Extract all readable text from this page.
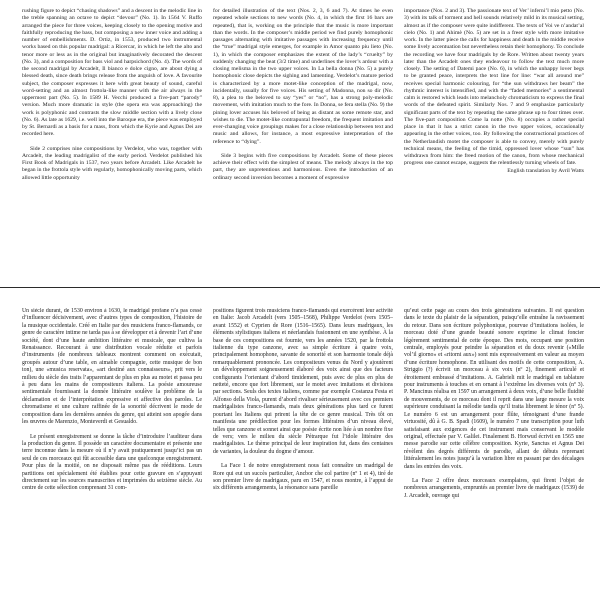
rushing figure to depict “chasing shadows” and a descent in the melodic line in the treble spanning an octave to depict “devour” (No. 1). In 1564 V. Ruffo arranged the piece for three voices, keeping closely to the opening motive and faithfully reproducing the bass, but composing a new inner voice and adding a number of embellishments. D. Ortiz, in 1553, produced two instrumental works based on this popular madrigal: a Ricercar, in which he left the alto and tenor more or less as in the original but imaginatively decorated the descent (No. 3), and a composition for bass viol and harpsichord (No. 4). The words of the second madrigal by Arcadelt, Il bianco e dolce cigno, are about dying a blessed death, since death brings release from the anguish of love. A favourite subject, the composer expresses it here with great beauty of sound, careful word-setting and an almost frottola-like manner with the air always in the uppermost part (No. 5). In 1589 H. Vecchi produced a five-part “parody” version. Much more dramatic in style (the opera era was approaching) the work is polyphonic and contrasts the slow middle section with a lively close (No. 6). As late as 1629, i.e. well into the Baroque era, the piece was employed by St. Bernardi as a basis for a mass, from which the Kyrie and Agnus Dei are recorded here.

Side 2 comprises nine compositions by Verdelot, who was, together with Arcadelt, the leading madrigalist of the early period. Verdelot published his First Book of Madrigals in 1537, two years before Arcadelt. Like Arcadelt he began in the frottola style with regularly, homophonically moving parts, which allowed little opportunity

for detailed illustration of the text (Nos. 2, 3, 6 and 7). At times he even repeated whole sections to new words (No. 4, in which the first 16 bars are repeated), that is, working on the principle that the music is more important than the words. In the composer’s middle period we find purely homophonic passages alternating with imitative passages with increasing frequency until the “true” madrigal style emerges, for example in Amor quanto piu lieto (No. 1), in which the composer emphasizes the extent of the lady’s “cruelty” by suddenly changing the beat (3/2 time) and underlines the lover’s ardour with a closing melisma in the two upper voices. In La bella donna (No. 5) a purely homophonic close depicts the sighing and lamenting. Verdelot’s mature period is characterized by a more motet-like conception of the madrigal, now, incidentally, usually for five voices. His setting of Madonna, non so dir (No. 8), a plea to the beloved to say “yes” or “no”, has a strong poly-melodic movement, with imitation much to the fore. In Donna, se fera stella (No. 9) the pining lover accuses his beloved of being as distant as some remote star, and wishes to die. The motet-like contrapuntal freedom, the frequent imitation and ever-changing voice groupings makes for a close relationship between text and music and allows, for instance, a most expressive interpretation of the reference to “dying”.

Side 3 begins with five compositions by Arcadelt. Some of these pieces achieve their effect with the simplest of means. The melody always in the top part, they are unpretentious and harmonious. Even the introduction of an ordinary second inversion becomes a moment of expressive

importance (Nos. 2 and 3). The passionate text of Ver’ inferni’l mio petto (No. 3) with its talk of torment and hell sounds relatively mild in its musical setting, almost as if the composer were quite indifferent. The texts of Voi ve n’andat’al cielo (No. 1) and Ahimè (No. 5) are set in a freer style with more imitative work. In the latter piece the calls for happiness and death in the middle receive some lively accentuation but nevertheless retain their homophony. To conclude the recording we have four madrigals by de Rore. Written about twenty years later than the Arcadelt ones they endeavour to follow the text much more closely. The setting of Datemi pace (No. 6), in which the unhappy lover begs to be granted peace, interprets the text line for line: “war all around me” receives special harmonic colouring, for “the sun withdraws her beam” the rhythmic interest is intensified, and with the “faded memories” a sentimental calm is restored which leads into melancholy chromaticism to express the final words of the defeated spirit. Similarly Nos. 7 and 9 emphasize particularly significant parts of the text by repeating the same phrase up to four times over. The five-part composition Come la notte (No. 8) occupies a rather special place in that it has a strict canon in the two upper voices, occasionally appearing in the other voices, too. By following the constructional practices of the Netherlandish motet the composer is able to convey, merely with purely technical means, the feeling of the timid, oppressed lover whose “sun” has withdrawn from him: the freed motion of the canon, from whose mechanical progress one cannot escape, suggests the relentlessly turning wheels of fate.

English translation by Avril Watts

Un siècle durant, de 1530 environ à 1630, le madrigal profane n’a pas cessé d’influencer décisivement, avec d’autres types de composition, l’histoire de la musique occidentale. Créé en Italie par des musiciens franco-flamands, ce genre de caractère intime ne tarda pas à se développer et à devenir l’art d’une société, dont d’une haute ambition littéraire et musicale, que cultiva la Renaissance. Recourant à une distribution vocale réduite et parfois d’instruments (de nombreux tableaux montrent comment on exécutait, groupés autour d’une table, en aimable compagnie, cette musique de bon ton), une «musica reservata», «art destiné aux connaisseurs», prit vers le milieu du siècle des traits l’apparentant de plus en plus au motet et passa peu à peu dans les mains de compositeurs italiens. La poésie amoureuse sentimentale fournissant la donnée littéraire soulève la problème de la déclamation et de l’interprétation expressive et affective des paroles. Le chromatisme et une culture raffinée de la sonorité décrivent le mode de composition dans les dernières années du genre, qui atteint son apogée dans les œuvres de Marenzio, Monteverdi et Gesualdo.

Le présent enregistrement se donne la tâche d’introduire l’auditeur dans la production du genre. Il possède un caractère documentaire et présente une terre inconnue dans la mesure où il n’y avait pratiquement jusqu’ici pas un seul de ces morceaux qui fût accessible dans une quelconque enregistrement. Pour plus de la moitié, on ne disposait même pas de rééditions. Leurs partitions ont spécialement été établies pour cette gravure en s’appuyant directement sur les sources manuscrites et imprimées du seizième siècle. Au centre de cette sélection comprenant 31 com-

positions figurent trois musiciens franco-flamands qui exercèrent leur activité en Italie: Jacob Arcadelt (vers 1505–1568), Philippe Verdelot (vers 1505–avant 1552) et Cyprien de Rore (1516–1565). Dans leurs madrigaux, les éléments stylistiques italiens et néerlandais fusionnent en une synthèse. À la base de ces compositions est fournie, vers les années 1520, par la frottola italienne du type canzone, avec sa simple écriture à quatre voix, principalement homophone, savante de sonorité et son harmonie tonale déjà remarquablement prononcée. Les compositeurs venus du Nord y ajoutèrent un développement soigneusement élaboré des voix ainsi que des facteurs configurants l’orientant d’abord timidement, puis avec de plus en plus de netteté, encore que fort librement, sur le motet avec imitations et divisions par sections. Seuls des textes italiens, comme par exemple Costanza Festa et Alfonso della Viola, purent d’abord rivaliser sérieusement avec ces premiers madrigalistes franco-flamands, mais deux générations plus tard ce furent pourtant les Italiens qui prirent la tête de ce genre musical. Très tôt on manifesta une prédilection pour les formes littéraires d’un niveau élevé, telles que canzone et sonnet ainsi que poésie écrite non liée à un nombre fixe de vers; vers le milieu du siècle Pétrarque fut l’idole littéraire des madrigalistes. Le thème principal de leur inspiration fut, dans des centaines de variantes, la douleur du dogme d’amour.

La Face 1 de notre enregistrement nous fait connaître un madrigal de Rore qui eut un succès particulier, Ancbor che col partire (nº 1 et 4), tiré de son premier livre de madrigaux, paru en 1547, et nous montre, à l’appui de six différents arrangements, la résonance sans pareille

qu’eut cette page au cours des trois générations suivantes. Il est question dans le texte du plaisir de la séparation, puisqu’elle entraîne la ravissement du retour. Dans son écriture polyphonique, pourvue d’imitations isolées, le morceau doté d’une grande beauté sonore exprime le climat foncier légèrement sentimental de cette époque. Des mots, occupant une position centrale, employés pour peindre la séparation et du doux revenir («Mille vol’il giorno» et «ritorni aux») sont mis expressivement en valeur au moyen d’une écriture homophone. En utilisant des motifs de cette composition, A. Striggio (?) écrivit un morceau à six voix (nº 2), finement articulé et étroitement embrassé d’imitations. A. Gabrieli mit le madrigal en tablature pour instruments à touches et en ornant à l’extrême les diverses voix (nº 3). P. Mancinus réalisa en 1597 un arrangement à deux voix, d’une belle fluidité de mouvements, de ce morceau dont il reprit dans une large mesure la voix supérieure conduisant la mélodie tandis qu’il traita librement le ténor (nº 5). Le numéro 6 est un arrangement pour flûte, témoignant d’une frande virtuosité, dû à G. B. Spadi (1609), le numéro 7 une transcription pour luth satisfaisant aux exigences de cet instrument mais conservant le modèle original, effectuée par V. Galilei. Finalement B. Horwud écrivit en 1565 une messe parodie sur cette célèbre composition. Kyrie, Sanctus et Agnus Dei révèlent des degrés différents de parodie, allant de débuts reprenant littéralement les notes jusqu’à la variation libre en passant par des décalages dans les entrées des voix.

La Face 2 offre deux morceaux exemplaires, qui firent l’objet de nombreux arrangements, empruntés au premier livre de madrigaux (1539) de J. Arcadelt, ouvrage qui
